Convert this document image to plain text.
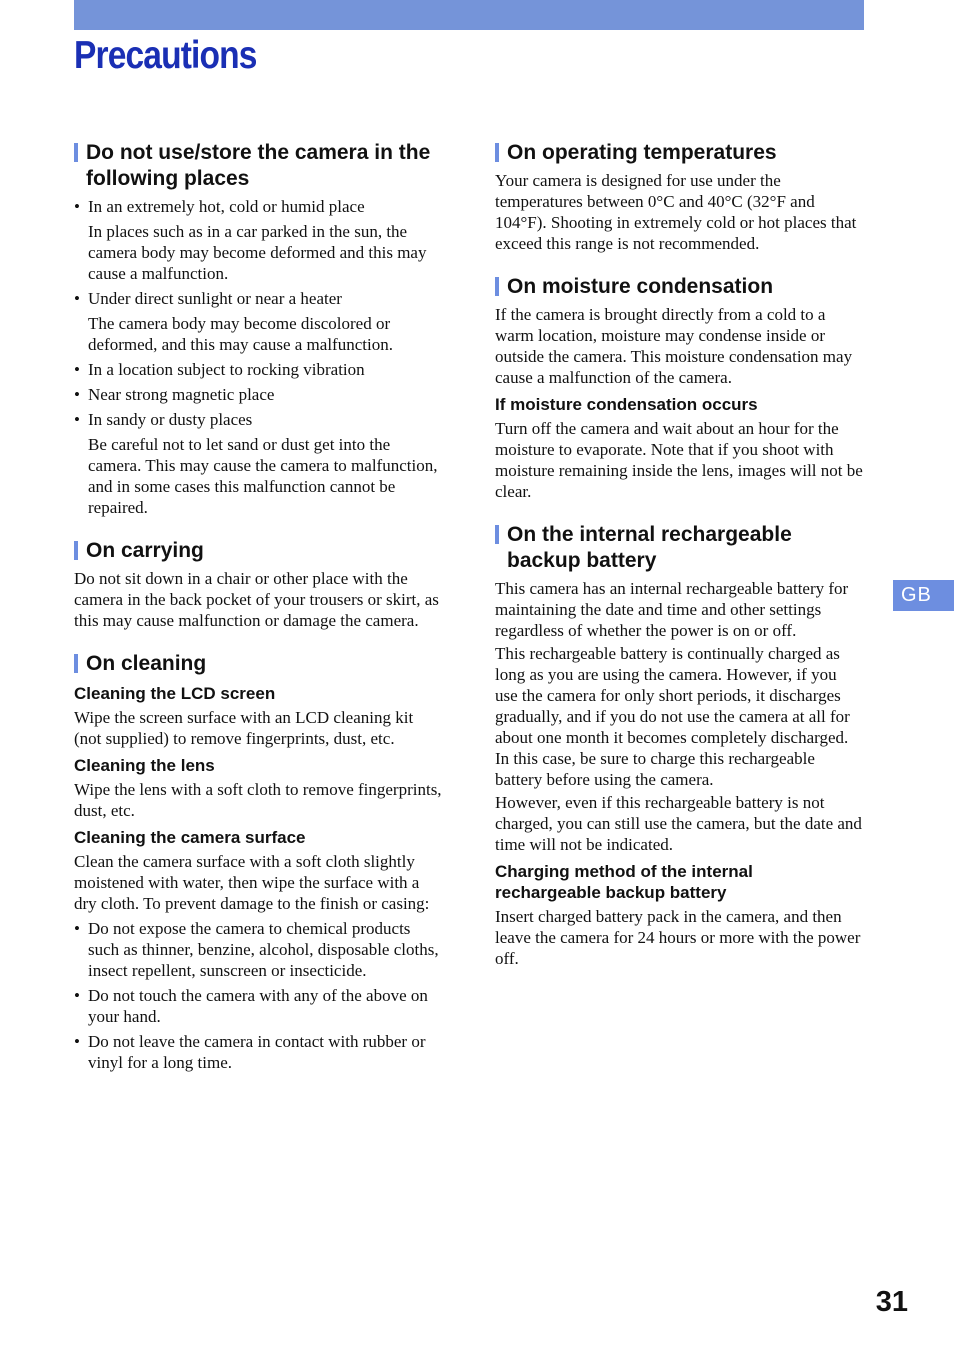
Precautions
Do not use/store the camera in the following places
• In an extremely hot, cold or humid place
In places such as in a car parked in the sun, the camera body may become deformed and this may cause a malfunction.
• Under direct sunlight or near a heater
The camera body may become discolored or deformed, and this may cause a malfunction.
• In a location subject to rocking vibration
• Near strong magnetic place
• In sandy or dusty places
Be careful not to let sand or dust get into the camera. This may cause the camera to malfunction, and in some cases this malfunction cannot be repaired.
On carrying

Do not sit down in a chair or other place with the camera in the back pocket of your trousers or skirt, as this may cause malfunction or damage the camera.

On cleaning
Cleaning the LCD screen

Wipe the screen surface with an LCD cleaning kit (not supplied) to remove fingerprints, dust, etc.

Cleaning the lens

Wipe the lens with a soft cloth to remove fingerprints, dust, etc.

Cleaning the camera surface

Clean the camera surface with a soft cloth slightly moistened with water, then wipe the surface with a dry cloth. To prevent damage to the finish or casing:

• Do not expose the camera to chemical products such as thinner, benzine, alcohol, disposable cloths, insect repellent, sunscreen or insecticide.
• Do not touch the camera with any of the above on your hand.
• Do not leave the camera in contact with rubber or vinyl for a long time.
On operating temperatures

Your camera is designed for use under the temperatures between 0°C and 40°C (32°F and 104°F). Shooting in extremely cold or hot places that exceed this range is not recommended.

On moisture condensation

If the camera is brought directly from a cold to a warm location, moisture may condense inside or outside the camera. This moisture condensation may cause a malfunction of the camera.

If moisture condensation occurs

Turn off the camera and wait about an hour for the moisture to evaporate. Note that if you shoot with moisture remaining inside the lens, images will not be clear.

On the internal rechargeable backup battery

This camera has an internal rechargeable battery for maintaining the date and time and other settings regardless of whether the power is on or off.

This rechargeable battery is continually charged as long as you are using the camera. However, if you use the camera for only short periods, it discharges gradually, and if you do not use the camera at all for about one month it becomes completely discharged. In this case, be sure to charge this rechargeable battery before using the camera.

However, even if this rechargeable battery is not charged, you can still use the camera, but the date and time will not be indicated.

Charging method of the internal rechargeable backup battery

Insert charged battery pack in the camera, and then leave the camera for 24 hours or more with the power off.

GB
31
